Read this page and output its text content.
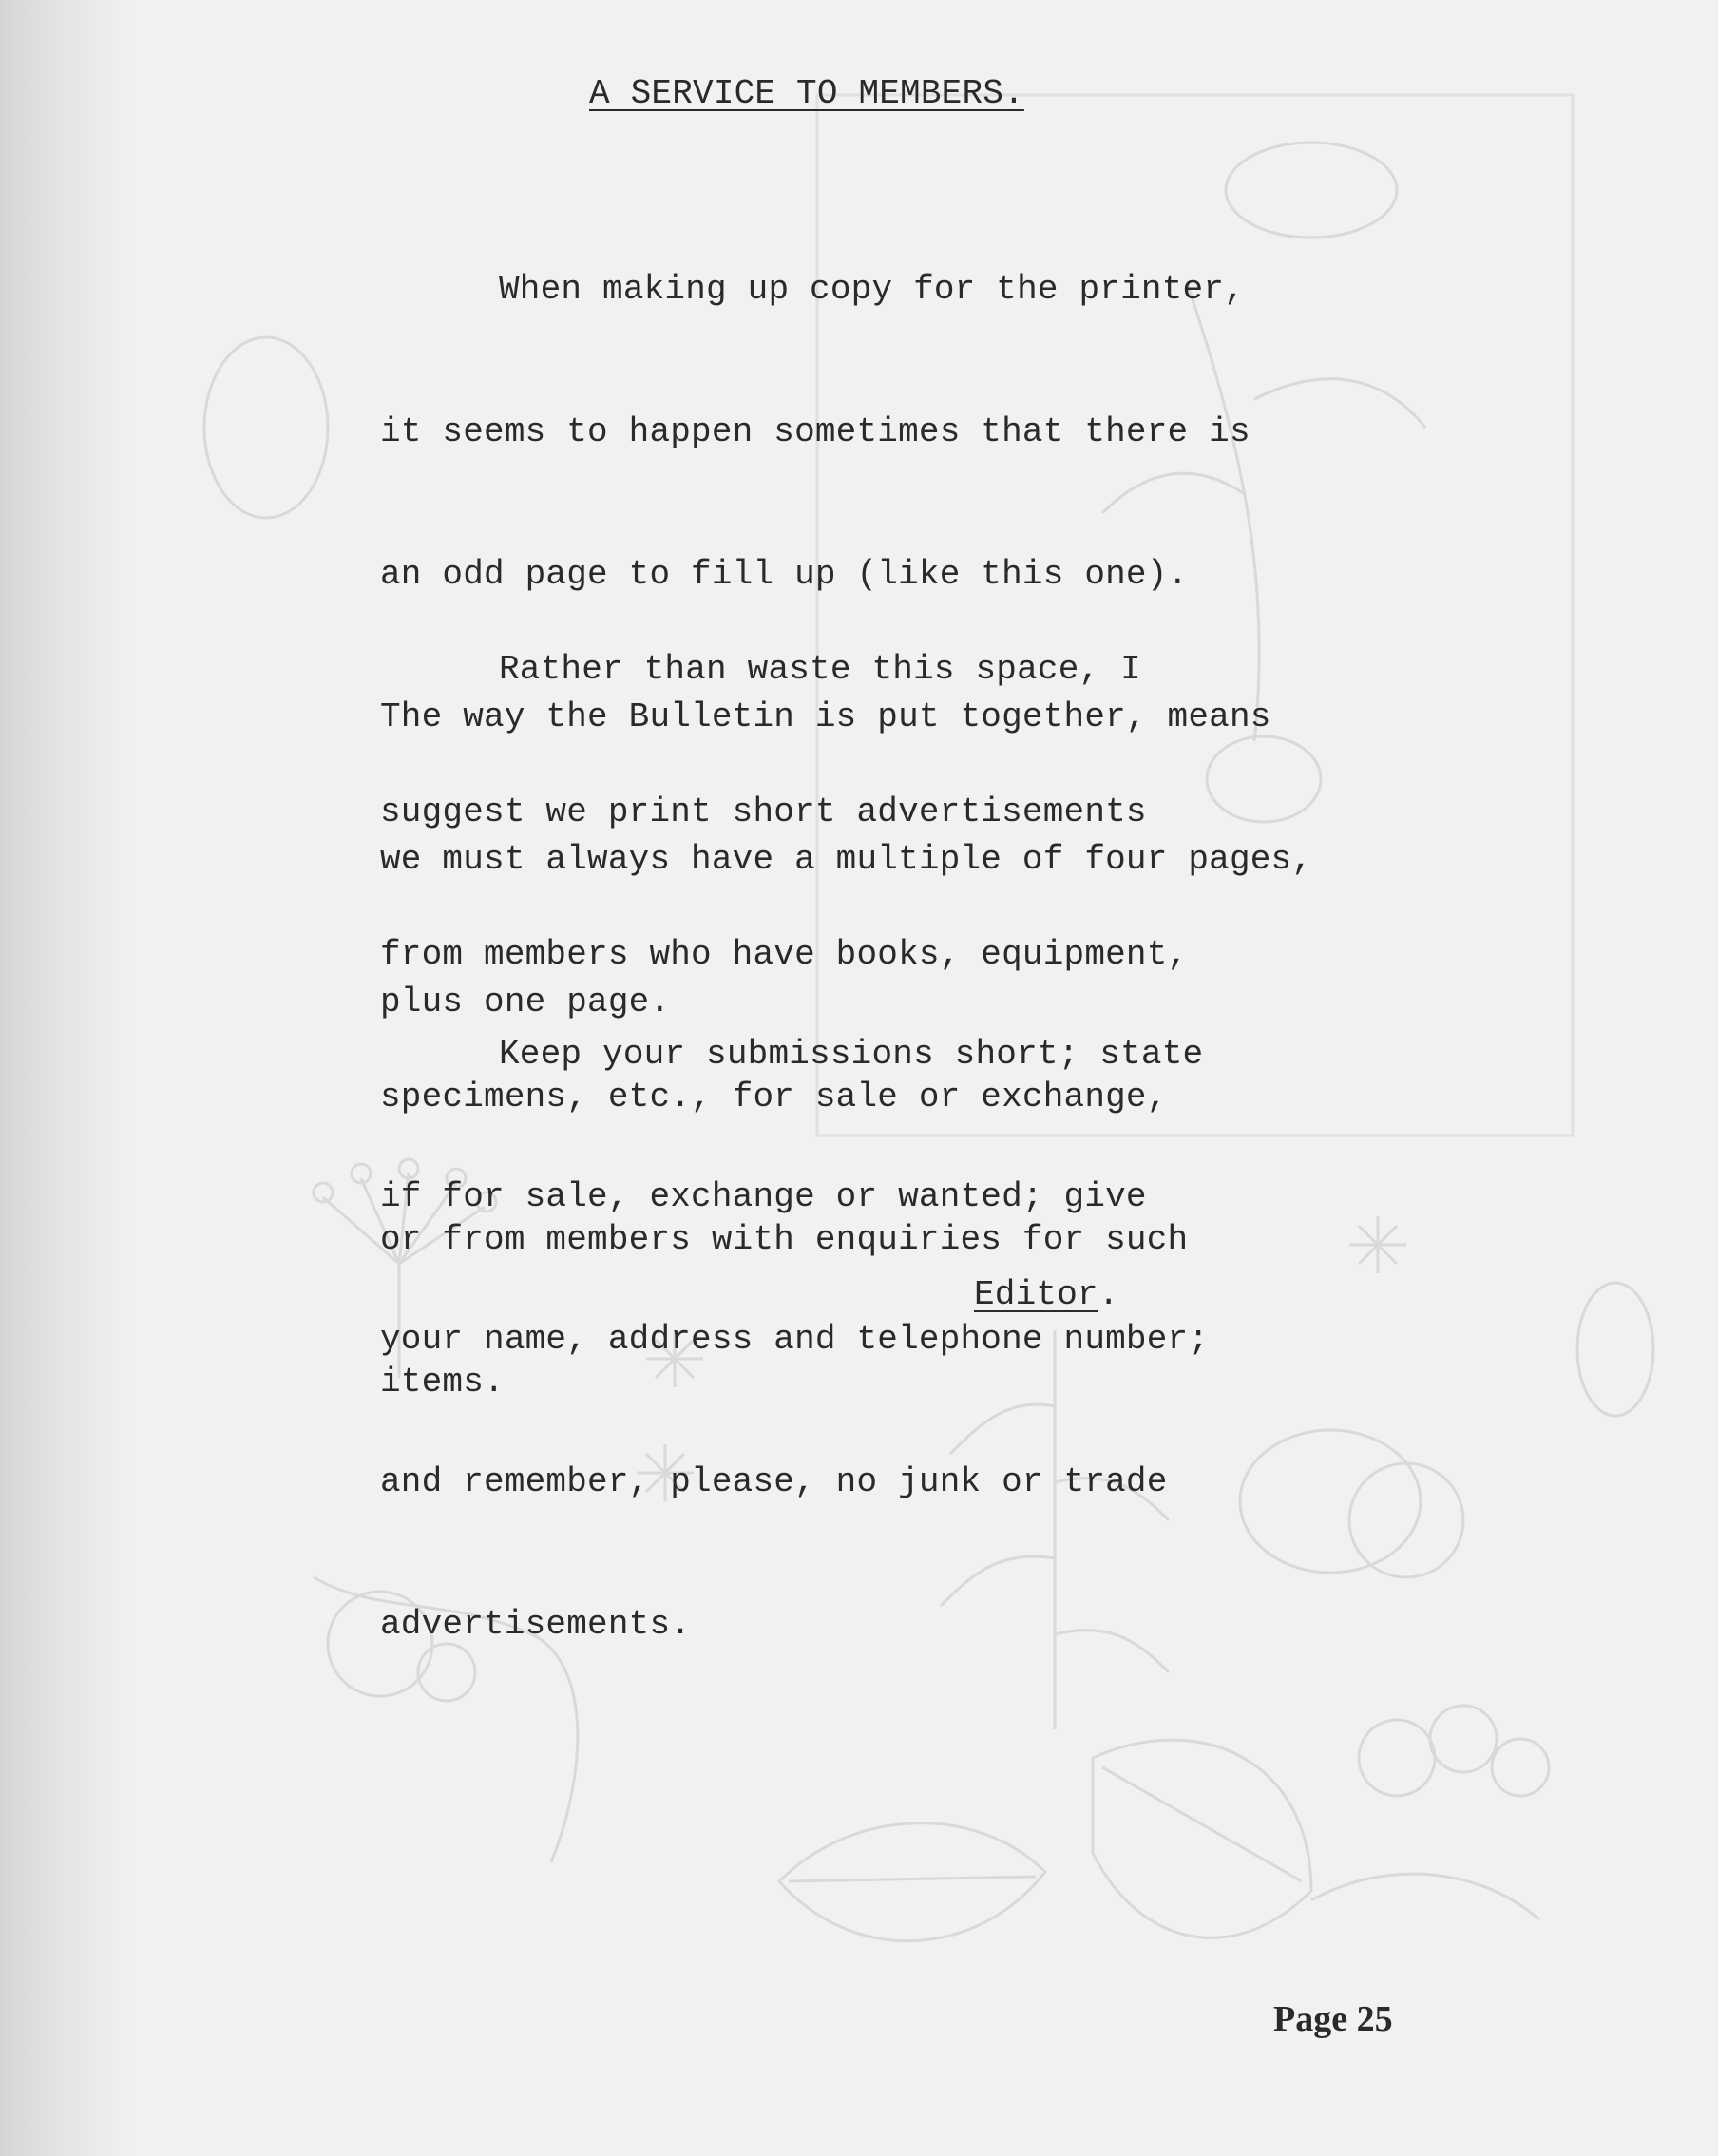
A SERVICE TO MEMBERS.

When making up copy for the printer,

it seems to happen sometimes that there is

an odd page to fill up (like this one).

The way the Bulletin is put together, means

we must always have a multiple of four pages,

plus one page.

Rather than waste this space, I

suggest we print short advertisements

from members who have books, equipment,

specimens, etc., for sale or exchange,

or from members with enquiries for such

items.

Keep your submissions short; state

if for sale, exchange or wanted; give

your name, address and telephone number;

and remember, please, no junk or trade

advertisements.

Editor.
Page 25
